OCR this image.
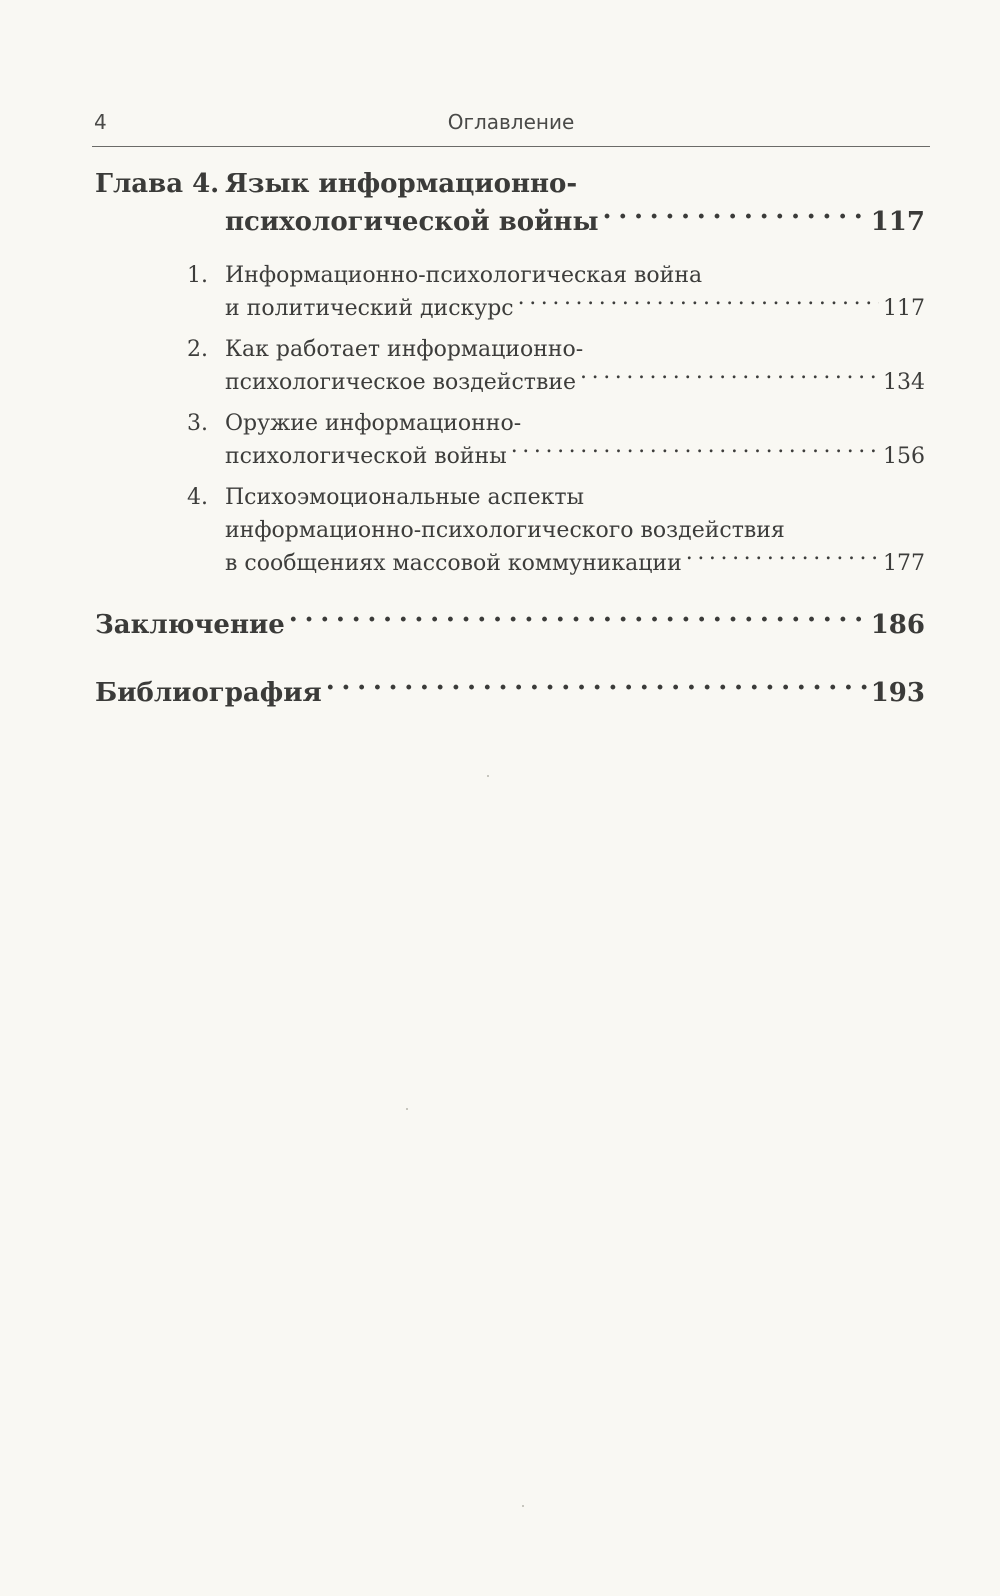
4	Оглавление
Глава 4. Язык информационно-
психологической войны . . .	117
1. Информационно-психологическая война
и политический дискурс . . .	117
2. Как работает информационно-
психологическое воздействие . . .	134
3. Оружие информационно-
психологической войны . . .	156
4. Психоэмоциональные аспекты
информационно-психологического воздействия
в сообщениях массовой коммуникации . . .	177
Заключение . . .	186
Библиография . . .	193
